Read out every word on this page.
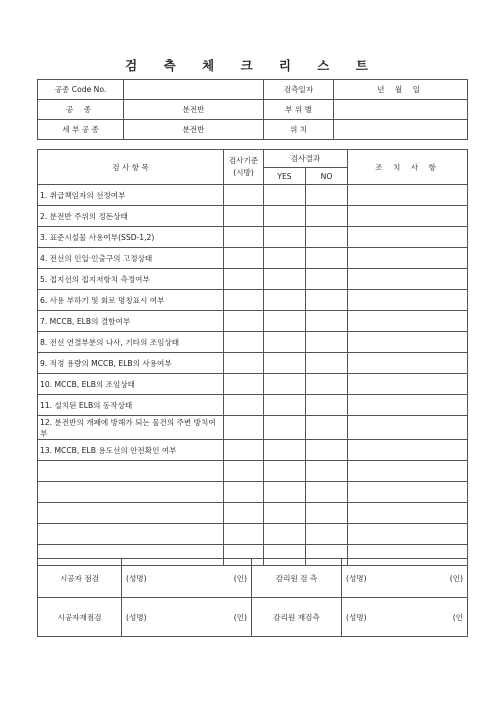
검 측 체 크 리 스 트
공종 Code No.		검측일자	년 월 일
공 종	분전반	부 위 별	
세 부 공 종	분전반	위 치	
검 사 항 목	검사기준
(시방)	검사결과		조 치 사 항
		YES	NO	
1. 취급책임자의 선정여부				
2. 분전반 주위의 정돈상태				
3. 표준시설물 사용여부(SSD-1,2)				
4. 전선의 인입·인출구의 고정상태				
5. 접지선의 접지저항치 측정여부				
6. 사용 부하기 및 회로 명칭표시 여부				
7. MCCB, ELB의 결함여부				
8. 전선 연결부분의 나사, 기타의 조임상태				
9. 적정 용량의 MCCB, ELB의 사용여부				
10. MCCB, ELB의 조임상태				
11. 설치된 ELB의 동작상태				
12. 분전반의 개폐에 방해가 되는 물건의 주변 방치여부				
13. MCCB, ELB 용도선의 안전확인 여부				

시공자 점검	(성명) (인)	감리원 검 측	(성명) (인)

시공자재점검	(성명) (인)	감리원 재검측	(성명) (인
